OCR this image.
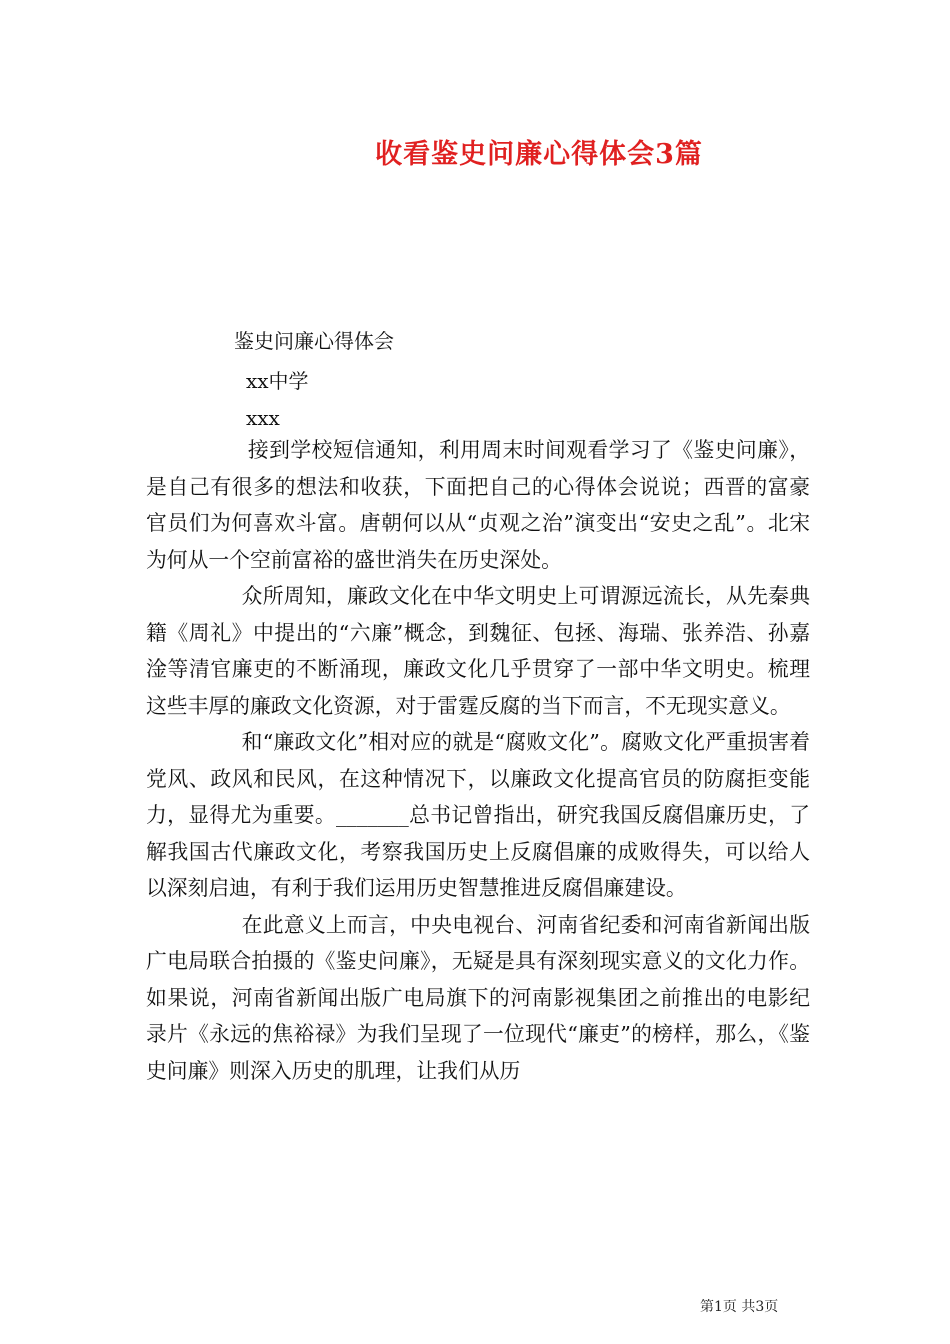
收看鉴史问廉心得体会3篇
鉴史问廉心得体会
xx中学
xxx

接到学校短信通知，利用周末时间观看学习了《鉴史问廉》，是自己有很多的想法和收获，下面把自己的心得体会说说；西晋的富豪官员们为何喜欢斗富。唐朝何以从“贞观之治”演变出“安史之乱”。北宋为何从一个空前富裕的盛世消失在历史深处。

众所周知，廉政文化在中华文明史上可谓源远流长，从先秦典籍《周礼》中提出的“六廉”概念，到魏征、包拯、海瑞、张养浩、孙嘉淦等清官廉吏的不断涌现，廉政文化几乎贯穿了一部中华文明史。梳理这些丰厚的廉政文化资源，对于雷霆反腐的当下而言，不无现实意义。

和“廉政文化”相对应的就是“腐败文化”。腐败文化严重损害着党风、政风和民风，在这种情况下，以廉政文化提高官员的防腐拒变能力，显得尤为重要。_______总书记曾指出，研究我国反腐倡廉历史，了解我国古代廉政文化，考察我国历史上反腐倡廉的成败得失，可以给人以深刻启迪，有利于我们运用历史智慧推进反腐倡廉建设。

在此意义上而言，中央电视台、河南省纪委和河南省新闻出版广电局联合拍摄的《鉴史问廉》，无疑是具有深刻现实意义的文化力作。如果说，河南省新闻出版广电局旗下的河南影视集团之前推出的电影纪录片《永远的焦裕禄》为我们呈现了一位现代“廉吏”的榜样，那么，《鉴史问廉》则深入历史的肌理，让我们从历

第1页 共3页
